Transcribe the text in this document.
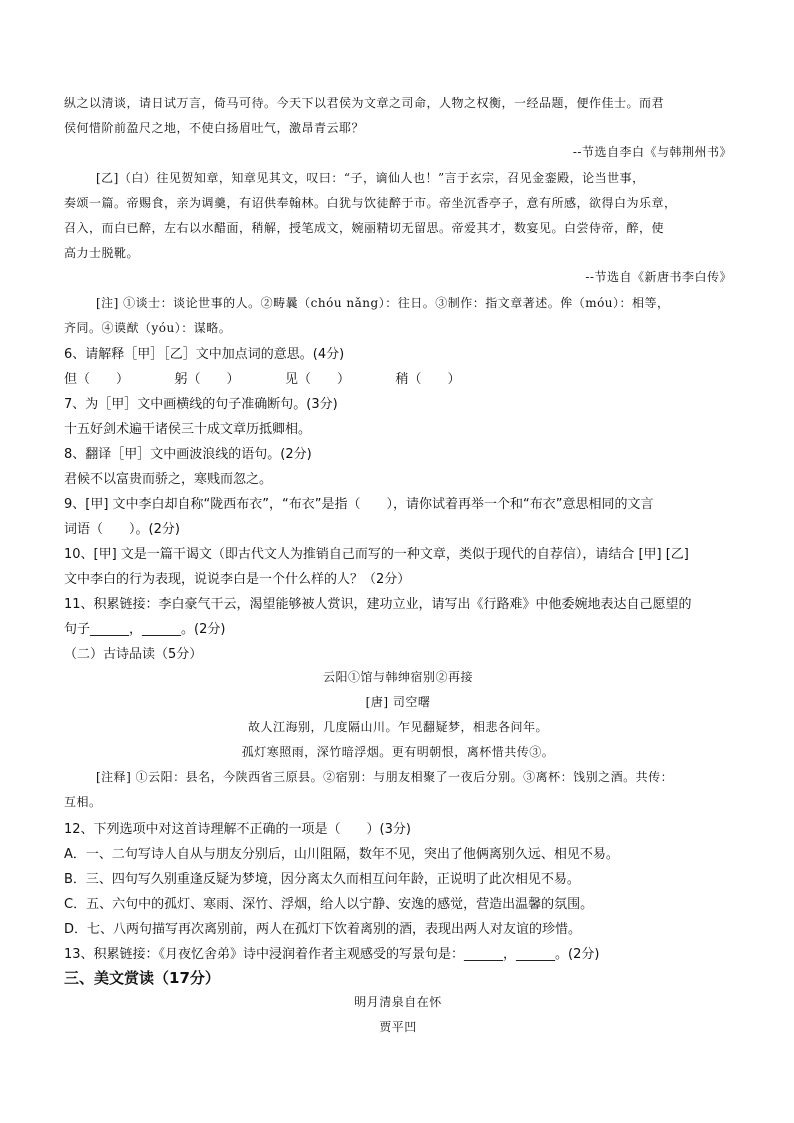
纵之以清谈，请日试万言，倚马可待。今天下以君侯为文章之司命，人物之权衡，一经品题，便作佳士。而君
侯何惜阶前盈尺之地，不使白扬眉吐气，激昂青云耶？
--节选自李白《与韩荆州书》
[乙]（白）往见贺知章，知章见其文，叹曰：“子，谪仙人也！”言于玄宗，召见金銮殿，论当世事，
奏颂一篇。帝赐食，亲为调羹，有诏供奉翰林。白犹与饮徒醉于市。帝坐沉香亭子，意有所感，欲得白为乐章，
召入，而白已醉，左右以水醋面，稍解，授笔成文，婉丽精切无留思。帝爱其才，数宴见。白尝侍帝，醉，使
高力士脱靴。
--节选自《新唐书李白传》
[注] ①谈士：谈论世事的人。②畴曩（chóu nǎng）：往日。③制作：指文章著述。侔（móu）：相等，
齐同。④谟猷（yóu）：谋略。
6、请解释［甲］［乙］文中加点词的意思。(4分)
但（　　）　　　　躬（　　）　　　　见（　　）　　　　稍（　　）
7、为［甲］文中画横线的句子准确断句。(3分)
十五好剑术遍干诸侯三十成文章历抵卿相。
8、翻译［甲］文中画波浪线的语句。(2分)
君候不以富贵而骄之，寒贱而忽之。
9、[甲] 文中李白却自称“陇西布衣”，“布衣”是指（　　），请你试着再举一个和“布衣”意思相同的文言
词语（　　）。(2分)
10、[甲] 文是一篇干谒文（即古代文人为推销自己而写的一种文章，类似于现代的自荐信），请结合 [甲] [乙]
文中李白的行为表现，说说李白是一个什么样的人？（2分）
11、积累链接：李白豪气干云，渴望能够被人赏识，建功立业，请写出《行路难》中他委婉地表达自己愿望的
句子______，______。(2分)
（二）古诗品读（5分）
云阳①馆与韩绅宿别②再接
[唐] 司空曙
故人江海别，几度隔山川。乍见翻疑梦，相悲各问年。
孤灯寒照雨，深竹暗浮烟。更有明朝恨，离杯惜共传③。
[注释] ①云阳：县名，今陕西省三原县。②宿别：与朋友相聚了一夜后分别。③离杯：饯别之酒。共传：
互相。
12、下列选项中对这首诗理解不正确的一项是（　　）(3分)
A．一、二句写诗人自从与朋友分别后，山川阻隔，数年不见，突出了他俩离别久远、相见不易。
B．三、四句写久别重逢反疑为梦境，因分离太久而相互问年龄，正说明了此次相见不易。
C．五、六句中的孤灯、寒雨、深竹、浮烟，给人以宁静、安逸的感觉，营造出温馨的氛围。
D．七、八两句描写再次离别前，两人在孤灯下饮着离别的酒，表现出两人对友谊的珍惜。
13、积累链接：《月夜忆舍弟》诗中浸润着作者主观感受的写景句是：______，______。(2分)
三、美文赏读（17分）
明月清泉自在怀
贾平凹
